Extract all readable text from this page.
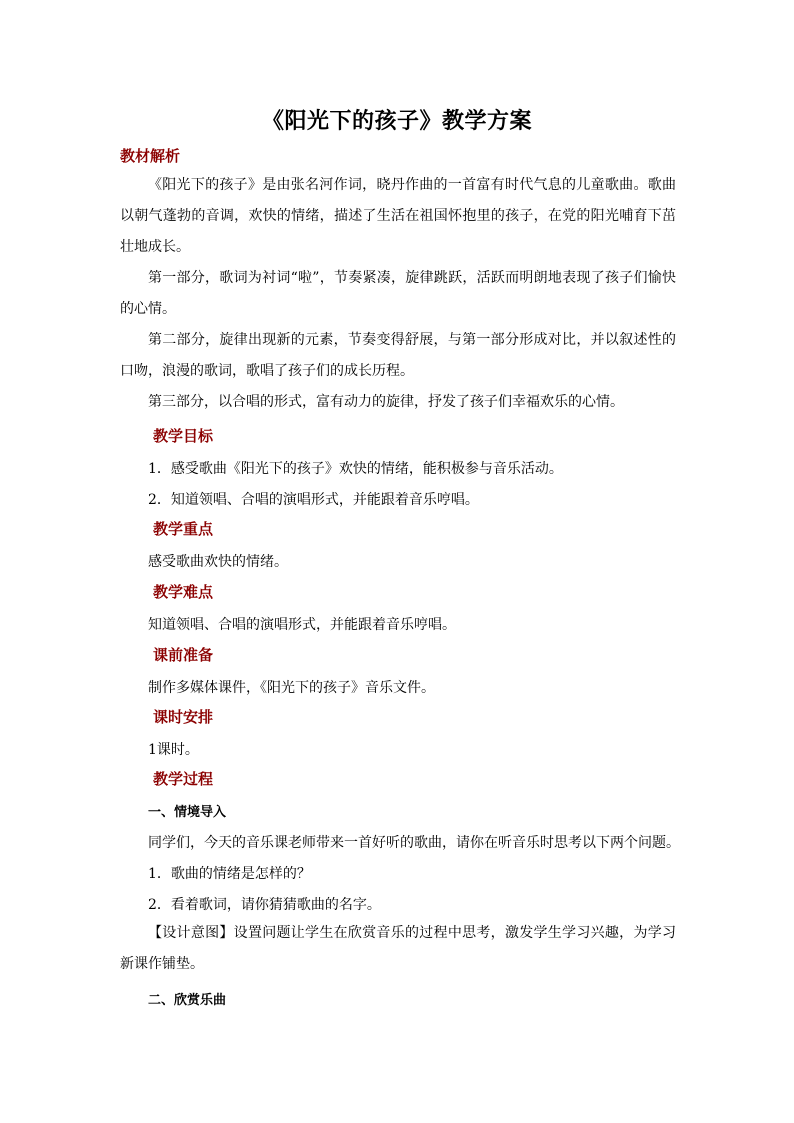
《阳光下的孩子》教学方案
教材解析
《阳光下的孩子》是由张名河作词，晓丹作曲的一首富有时代气息的儿童歌曲。歌曲以朝气蓬勃的音调，欢快的情绪，描述了生活在祖国怀抱里的孩子，在党的阳光哺育下茁壮地成长。
第一部分，歌词为衬词“啦”，节奏紧凑，旋律跳跃，活跃而明朗地表现了孩子们愉快的心情。
第二部分，旋律出现新的元素，节奏变得舒展，与第一部分形成对比，并以叙述性的口吻，浪漫的歌词，歌唱了孩子们的成长历程。
第三部分，以合唱的形式，富有动力的旋律，抒发了孩子们幸福欢乐的心情。
教学目标
1．感受歌曲《阳光下的孩子》欢快的情绪，能积极参与音乐活动。
2．知道领唱、合唱的演唱形式，并能跟着音乐哼唱。
教学重点
感受歌曲欢快的情绪。
教学难点
知道领唱、合唱的演唱形式，并能跟着音乐哼唱。
课前准备
制作多媒体课件，《阳光下的孩子》音乐文件。
课时安排
1课时。
教学过程
一、情境导入
同学们，今天的音乐课老师带来一首好听的歌曲，请你在听音乐时思考以下两个问题。
1．歌曲的情绪是怎样的？
2．看着歌词，请你猜猜歌曲的名字。
【设计意图】设置问题让学生在欣赏音乐的过程中思考，激发学生学习兴趣，为学习新课作铺垫。
二、欣赏乐曲
